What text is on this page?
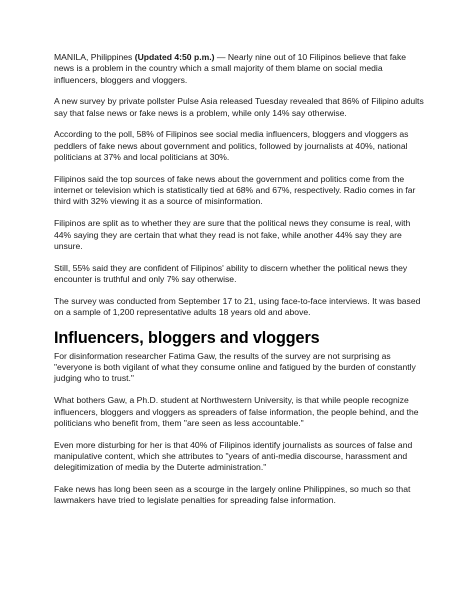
MANILA, Philippines (Updated 4:50 p.m.) — Nearly nine out of 10 Filipinos believe that fake news is a problem in the country which a small majority of them blame on social media influencers, bloggers and vloggers.

A new survey by private pollster Pulse Asia released Tuesday revealed that 86% of Filipino adults say that false news or fake news is a problem, while only 14% say otherwise.

According to the poll, 58% of Filipinos see social media influencers, bloggers and vloggers as peddlers of fake news about government and politics, followed by journalists at 40%, national politicians at 37% and local politicians at 30%.

Filipinos said the top sources of fake news about the government and politics come from the internet or television which is statistically tied at 68% and 67%, respectively. Radio comes in far third with 32% viewing it as a source of misinformation.

Filipinos are split as to whether they are sure that the political news they consume is real, with 44% saying they are certain that what they read is not fake, while another 44% say they are unsure.

Still, 55% said they are confident of Filipinos' ability to discern whether the political news they encounter is truthful and only 7% say otherwise.

The survey was conducted from September 17 to 21, using face-to-face interviews. It was based on a sample of 1,200 representative adults 18 years old and above.

Influencers, bloggers and vloggers

For disinformation researcher Fatima Gaw, the results of the survey are not surprising as "everyone is both vigilant of what they consume online and fatigued by the burden of constantly judging who to trust."

What bothers Gaw, a Ph.D. student at Northwestern University, is that while people recognize influencers, bloggers and vloggers as spreaders of false information, the people behind, and the politicians who benefit from, them "are seen as less accountable."

Even more disturbing for her is that 40% of Filipinos identify journalists as sources of false and manipulative content, which she attributes to "years of anti-media discourse, harassment and delegitimization of media by the Duterte administration."

Fake news has long been seen as a scourge in the largely online Philippines, so much so that lawmakers have tried to legislate penalties for spreading false information.
